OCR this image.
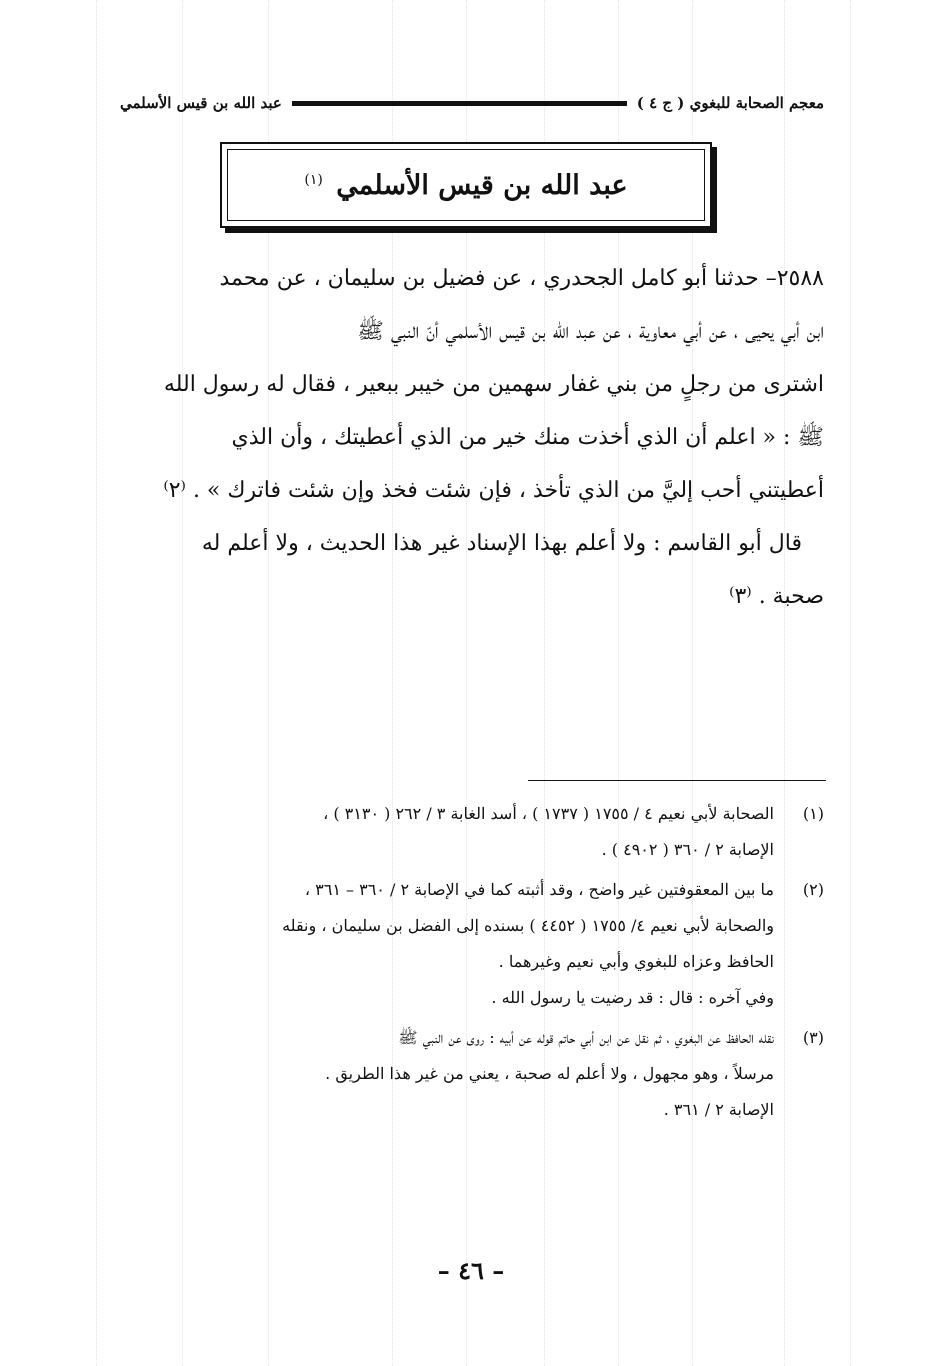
معجم الصحابة للبغوي ( ج ٤ )
عبد الله بن قيس الأسلمي
عبد الله بن قيس الأسلمي $^{(١)}$

٢٥٨٨– حدثنا أبو كامل الجحدري ، عن فضيل بن سليمان ، عن محمد

ابن أبي يحيى ، عن أبي معاوية ، عن عبد الله بن قيس الأسلمي أنّ النبي ﷺ

اشترى من رجلٍ من بني غفار سهمين من خيبر ببعير ، فقال له رسول الله

ﷺ : « اعلم أن الذي أخذت منك خير من الذي أعطيتك ، وأن الذي

أعطيتني أحب إليَّ من الذي تأخذ ، فإن شئت فخذ وإن شئت فاترك » . ⁽٢⁾

قال أبو القاسم : ولا أعلم بهذا الإسناد غير هذا الحديث ، ولا أعلم له

صحبة . ⁽٣⁾

(١)
الصحابة لأبي نعيم ٤ / ١٧٥٥ ( ١٧٣٧ ) ، أسد الغابة ٣ / ٢٦٢ ( ٣١٣٠ ) ،
الإصابة ٢ / ٣٦٠ ( ٤٩٠٢ ) .
(٢)
ما بين المعقوفتين غير واضح ، وقد أثبته كما في الإصابة ٢ / ٣٦٠ – ٣٦١ ،
والصحابة لأبي نعيم ٤/ ١٧٥٥ ( ٤٤٥٢ ) بسنده إلى الفضل بن سليمان ، ونقله
الحافظ وعزاه للبغوي وأبي نعيم وغيرهما .
وفي آخره : قال : قد رضيت يا رسول الله .
(٣)
نقله الحافظ عن البغوي ، ثم نقل عن ابن أبي حاتم قوله عن أبيه : روى عن النبي ﷺ
مرسلاً ، وهو مجهول ، ولا أعلم له صحبة ، يعني من غير هذا الطريق .
الإصابة ٢ / ٣٦١ .
– ٤٦ –
